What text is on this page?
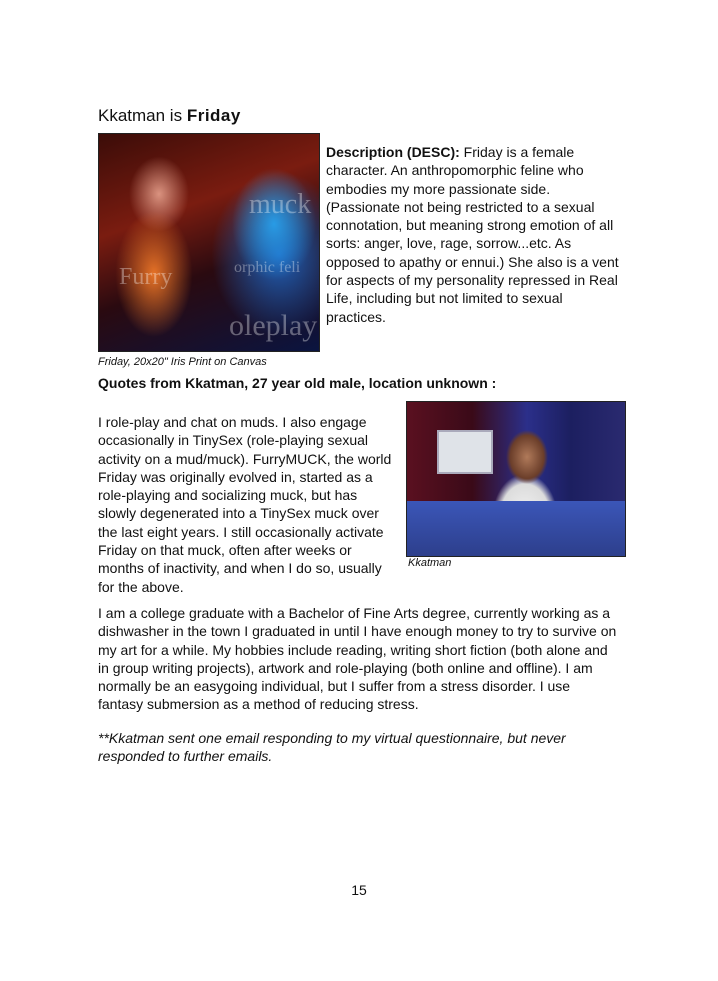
Kkatman is Friday
muck
orphic feli
Furry
oleplay
Friday, 20x20" Iris Print on Canvas
Description (DESC): Friday is a female character. An anthropomorphic feline who embodies my more passionate side. (Passionate not being restricted to a sexual connotation, but meaning strong emotion of all sorts: anger, love, rage, sorrow...etc. As opposed to apathy or ennui.) She also is a vent for aspects of my personality repressed in Real Life, including but not limited to sexual practices.
Quotes from Kkatman, 27 year old male, location unknown :
I role-play and chat on muds. I also engage occasionally in TinySex (role-playing sexual activity on a mud/muck). FurryMUCK, the world Friday was originally evolved in, started as a role-playing and socializing muck, but has slowly degenerated into a TinySex muck over the last eight years. I still occasionally activate Friday on that muck, often after weeks or months of inactivity, and when I do so, usually for the above.
Kkatman
I am a college graduate with a Bachelor of Fine Arts degree, currently working as a dishwasher in the town I graduated in until I have enough money to try to survive on my art for a while. My hobbies include reading, writing short fiction (both alone and in group writing projects), artwork and role-playing (both online and offline). I am normally be an easygoing individual, but I suffer from a stress disorder. I use fantasy submersion as a method of reducing stress.
**Kkatman sent one email responding to my virtual questionnaire, but never responded to further emails.
15
